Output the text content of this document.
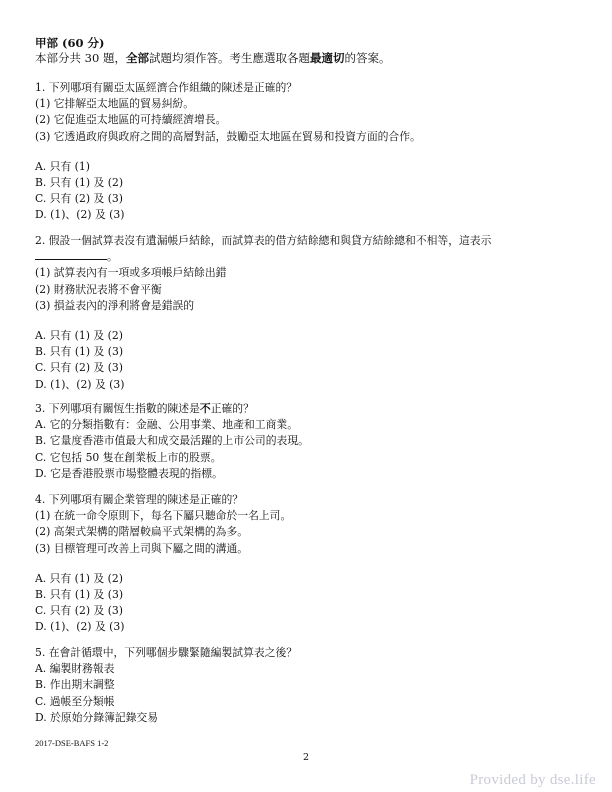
甲部 (60 分)
本部分共 30 題，全部試題均須作答。考生應選取各題最適切的答案。
1. 下列哪項有關亞太區經濟合作組織的陳述是正確的？
(1) 它排解亞太地區的貿易糾紛。
(2) 它促進亞太地區的可持續經濟增長。
(3) 它透過政府與政府之間的高層對話，鼓勵亞太地區在貿易和投資方面的合作。
A. 只有 (1)
B. 只有 (1) 及 (2)
C. 只有 (2) 及 (3)
D. (1)、(2) 及 (3)
2. 假設一個試算表沒有遺漏帳戶結餘，而試算表的借方結餘總和與貸方結餘總和不相等，這表示
。
(1) 試算表內有一項或多項帳戶結餘出錯
(2) 財務狀況表將不會平衡
(3) 損益表內的淨利將會是錯誤的
A. 只有 (1) 及 (2)
B. 只有 (1) 及 (3)
C. 只有 (2) 及 (3)
D. (1)、(2) 及 (3)
3. 下列哪項有關恆生指數的陳述是不正確的？
A. 它的分類指數有：金融、公用事業、地產和工商業。
B. 它量度香港市值最大和成交最活躍的上市公司的表現。
C. 它包括 50 隻在創業板上市的股票。
D. 它是香港股票市場整體表現的指標。
4. 下列哪項有關企業管理的陳述是正確的？
(1) 在統一命令原則下，每名下屬只聽命於一名上司。
(2) 高架式架構的階層較扁平式架構的為多。
(3) 目標管理可改善上司與下屬之間的溝通。
A. 只有 (1) 及 (2)
B. 只有 (1) 及 (3)
C. 只有 (2) 及 (3)
D. (1)、(2) 及 (3)
5. 在會計循環中，下列哪個步驟緊隨編製試算表之後？
A. 編製財務報表
B. 作出期末調整
C. 過帳至分類帳
D. 於原始分錄簿記錄交易
2017-DSE-BAFS 1-2
2
Provided by dse.life
